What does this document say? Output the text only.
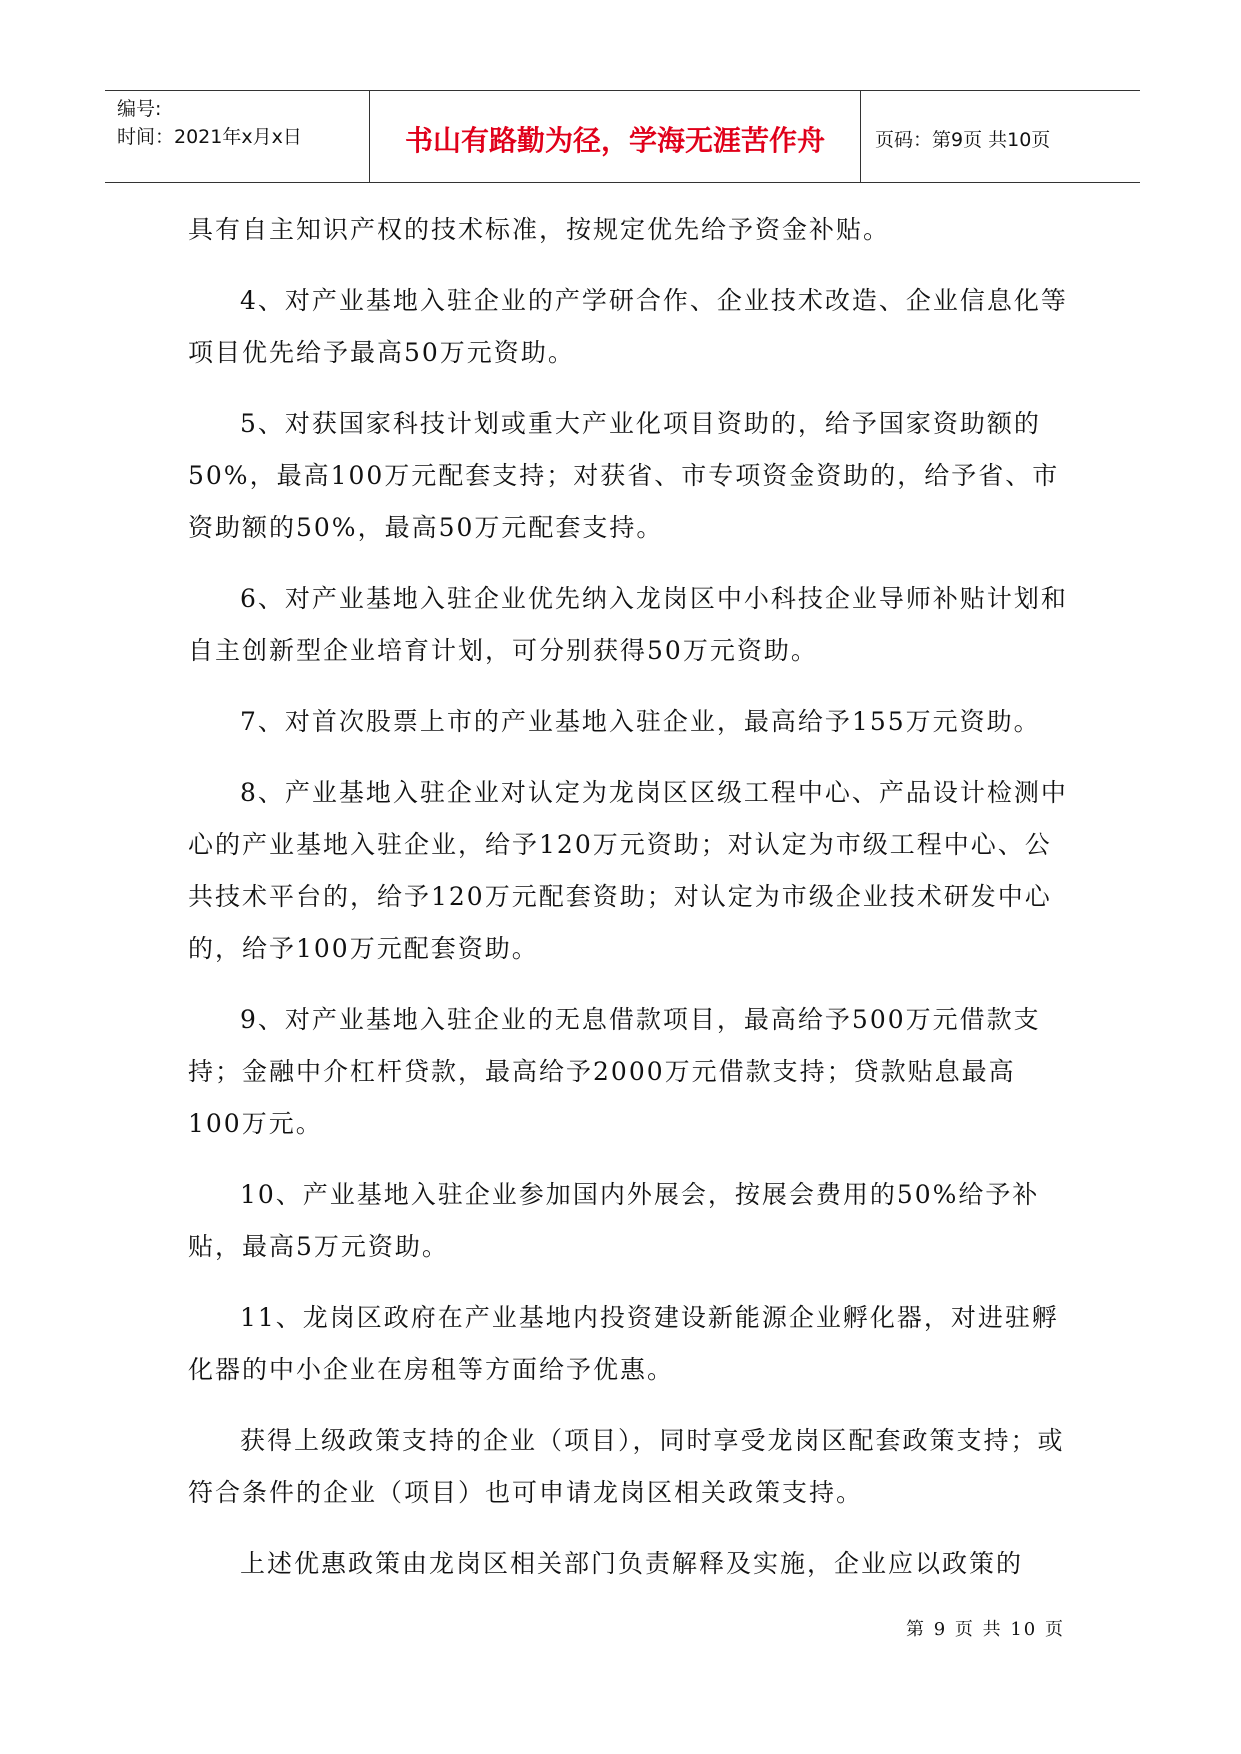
编号:
时间：2021年x月x日	书山有路勤为径，学海无涯苦作舟	页码：第9页 共10页

具有自主知识产权的技术标准，按规定优先给予资金补贴。

4、对产业基地入驻企业的产学研合作、企业技术改造、企业信息化等项目优先给予最高50万元资助。

5、对获国家科技计划或重大产业化项目资助的，给予国家资助额的50%，最高100万元配套支持；对获省、市专项资金资助的，给予省、市资助额的50%，最高50万元配套支持。

6、对产业基地入驻企业优先纳入龙岗区中小科技企业导师补贴计划和自主创新型企业培育计划，可分别获得50万元资助。

7、对首次股票上市的产业基地入驻企业，最高给予155万元资助。

8、产业基地入驻企业对认定为龙岗区区级工程中心、产品设计检测中心的产业基地入驻企业，给予120万元资助；对认定为市级工程中心、公共技术平台的，给予120万元配套资助；对认定为市级企业技术研发中心的，给予100万元配套资助。

9、对产业基地入驻企业的无息借款项目，最高给予500万元借款支持；金融中介杠杆贷款，最高给予2000万元借款支持；贷款贴息最高100万元。

10、产业基地入驻企业参加国内外展会，按展会费用的50%给予补贴，最高5万元资助。

11、龙岗区政府在产业基地内投资建设新能源企业孵化器，对进驻孵化器的中小企业在房租等方面给予优惠。

获得上级政策支持的企业（项目），同时享受龙岗区配套政策支持；或符合条件的企业（项目）也可申请龙岗区相关政策支持。

上述优惠政策由龙岗区相关部门负责解释及实施，企业应以政策的

第 9 页 共 10 页
